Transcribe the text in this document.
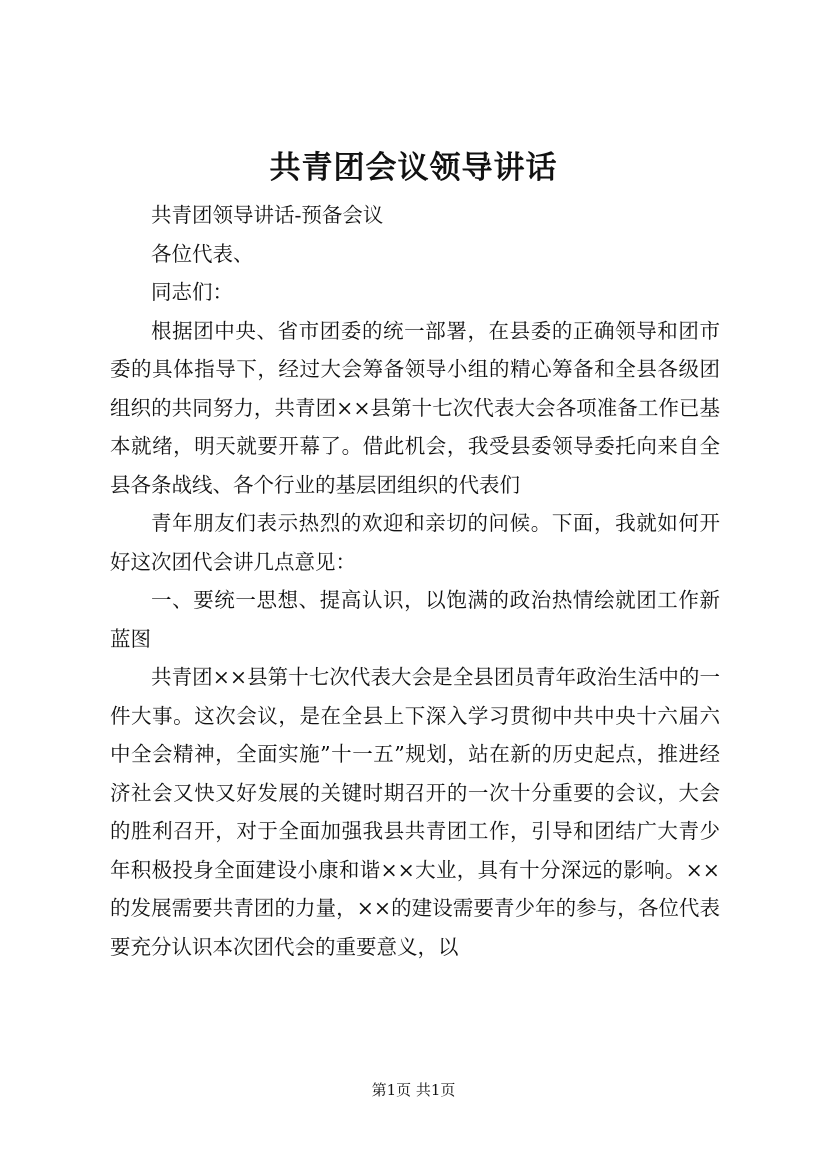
共青团会议领导讲话

共青团领导讲话-预备会议

各位代表、

同志们：

根据团中央、省市团委的统一部署，在县委的正确领导和团市委的具体指导下，经过大会筹备领导小组的精心筹备和全县各级团组织的共同努力，共青团××县第十七次代表大会各项准备工作已基本就绪，明天就要开幕了。借此机会，我受县委领导委托向来自全县各条战线、各个行业的基层团组织的代表们

青年朋友们表示热烈的欢迎和亲切的问候。下面，我就如何开好这次团代会讲几点意见：

一、要统一思想、提高认识，以饱满的政治热情绘就团工作新蓝图

共青团××县第十七次代表大会是全县团员青年政治生活中的一件大事。这次会议，是在全县上下深入学习贯彻中共中央十六届六中全会精神，全面实施”十一五”规划，站在新的历史起点，推进经济社会又快又好发展的关键时期召开的一次十分重要的会议，大会的胜利召开，对于全面加强我县共青团工作，引导和团结广大青少年积极投身全面建设小康和谐××大业，具有十分深远的影响。××的发展需要共青团的力量，××的建设需要青少年的参与，各位代表要充分认识本次团代会的重要意义，以

第1页 共1页
